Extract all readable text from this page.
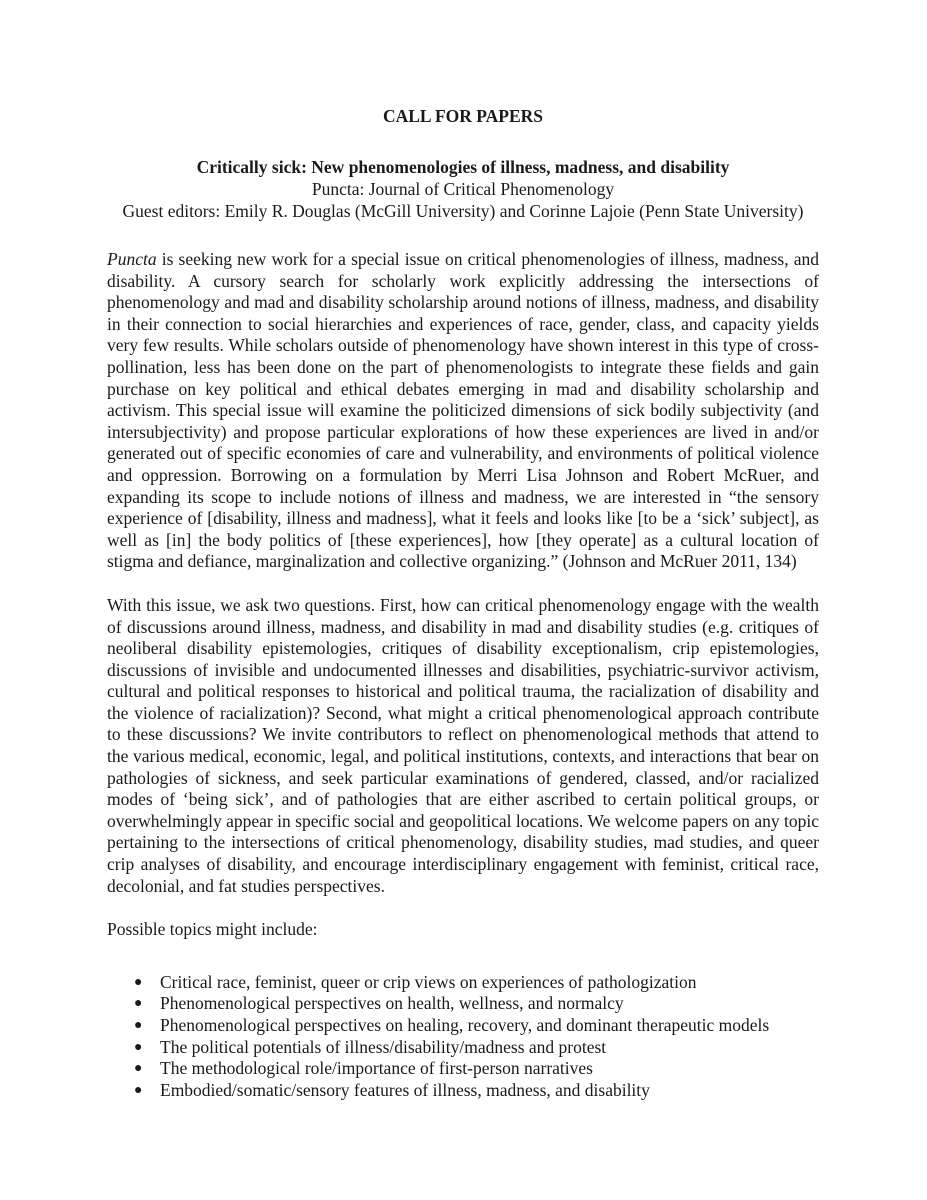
CALL FOR PAPERS
Critically sick: New phenomenologies of illness, madness, and disability
Puncta: Journal of Critical Phenomenology
Guest editors: Emily R. Douglas (McGill University) and Corinne Lajoie (Penn State University)

Puncta is seeking new work for a special issue on critical phenomenologies of illness, madness, and disability. A cursory search for scholarly work explicitly addressing the intersections of phenomenology and mad and disability scholarship around notions of illness, madness, and disability in their connection to social hierarchies and experiences of race, gender, class, and capacity yields very few results. While scholars outside of phenomenology have shown interest in this type of cross-pollination, less has been done on the part of phenomenologists to integrate these fields and gain purchase on key political and ethical debates emerging in mad and disability scholarship and activism. This special issue will examine the politicized dimensions of sick bodily subjectivity (and intersubjectivity) and propose particular explorations of how these experiences are lived in and/or generated out of specific economies of care and vulnerability, and environments of political violence and oppression. Borrowing on a formulation by Merri Lisa Johnson and Robert McRuer, and expanding its scope to include notions of illness and madness, we are interested in “the sensory experience of [disability, illness and madness], what it feels and looks like [to be a ‘sick’ subject], as well as [in] the body politics of [these experiences], how [they operate] as a cultural location of stigma and defiance, marginalization and collective organizing.” (Johnson and McRuer 2011, 134)

With this issue, we ask two questions. First, how can critical phenomenology engage with the wealth of discussions around illness, madness, and disability in mad and disability studies (e.g. critiques of neoliberal disability epistemologies, critiques of disability exceptionalism, crip epistemologies, discussions of invisible and undocumented illnesses and disabilities, psychiatric-survivor activism, cultural and political responses to historical and political trauma, the racialization of disability and the violence of racialization)? Second, what might a critical phenomenological approach contribute to these discussions? We invite contributors to reflect on phenomenological methods that attend to the various medical, economic, legal, and political institutions, contexts, and interactions that bear on pathologies of sickness, and seek particular examinations of gendered, classed, and/or racialized modes of ‘being sick’, and of pathologies that are either ascribed to certain political groups, or overwhelmingly appear in specific social and geopolitical locations. We welcome papers on any topic pertaining to the intersections of critical phenomenology, disability studies, mad studies, and queer crip analyses of disability, and encourage interdisciplinary engagement with feminist, critical race, decolonial, and fat studies perspectives.

Possible topics might include:

● Critical race, feminist, queer or crip views on experiences of pathologization
● Phenomenological perspectives on health, wellness, and normalcy
● Phenomenological perspectives on healing, recovery, and dominant therapeutic models
● The political potentials of illness/disability/madness and protest
● The methodological role/importance of first-person narratives
● Embodied/somatic/sensory features of illness, madness, and disability
